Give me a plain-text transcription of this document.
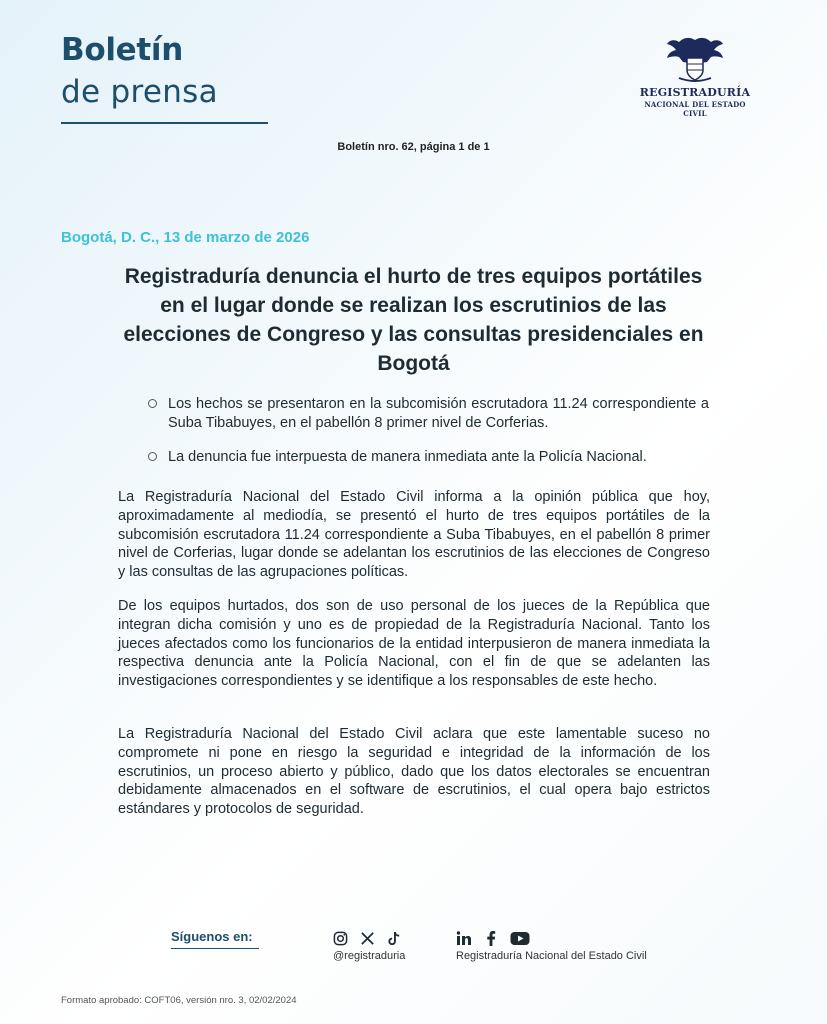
Boletín
de prensa	REGISTRADURÍA
NACIONAL DEL ESTADO CIVIL
Boletín nro. 62, página 1 de 1
Bogotá, D. C., 13 de marzo de 2026
Registraduría denuncia el hurto de tres equipos portátiles en el lugar donde se realizan los escrutinios de las elecciones de Congreso y las consultas presidenciales en Bogotá
Los hechos se presentaron en la subcomisión escrutadora 11.24 correspondiente a Suba Tibabuyes, en el pabellón 8 primer nivel de Corferias.
La denuncia fue interpuesta de manera inmediata ante la Policía Nacional.

La Registraduría Nacional del Estado Civil informa a la opinión pública que hoy, aproximadamente al mediodía, se presentó el hurto de tres equipos portátiles de la subcomisión escrutadora 11.24 correspondiente a Suba Tibabuyes, en el pabellón 8 primer nivel de Corferias, lugar donde se adelantan los escrutinios de las elecciones de Congreso y las consultas de las agrupaciones políticas.

De los equipos hurtados, dos son de uso personal de los jueces de la República que integran dicha comisión y uno es de propiedad de la Registraduría Nacional. Tanto los jueces afectados como los funcionarios de la entidad interpusieron de manera inmediata la respectiva denuncia ante la Policía Nacional, con el fin de que se adelanten las investigaciones correspondientes y se identifique a los responsables de este hecho.

La Registraduría Nacional del Estado Civil aclara que este lamentable suceso no compromete ni pone en riesgo la seguridad e integridad de la información de los escrutinios, un proceso abierto y público, dado que los datos electorales se encuentran debidamente almacenados en el software de escrutinios, el cual opera bajo estrictos estándares y protocolos de seguridad.

Síguenos en:
@registraduria	Registraduría Nacional del Estado Civil
Formato aprobado: COFT06, versión nro. 3, 02/02/2024
